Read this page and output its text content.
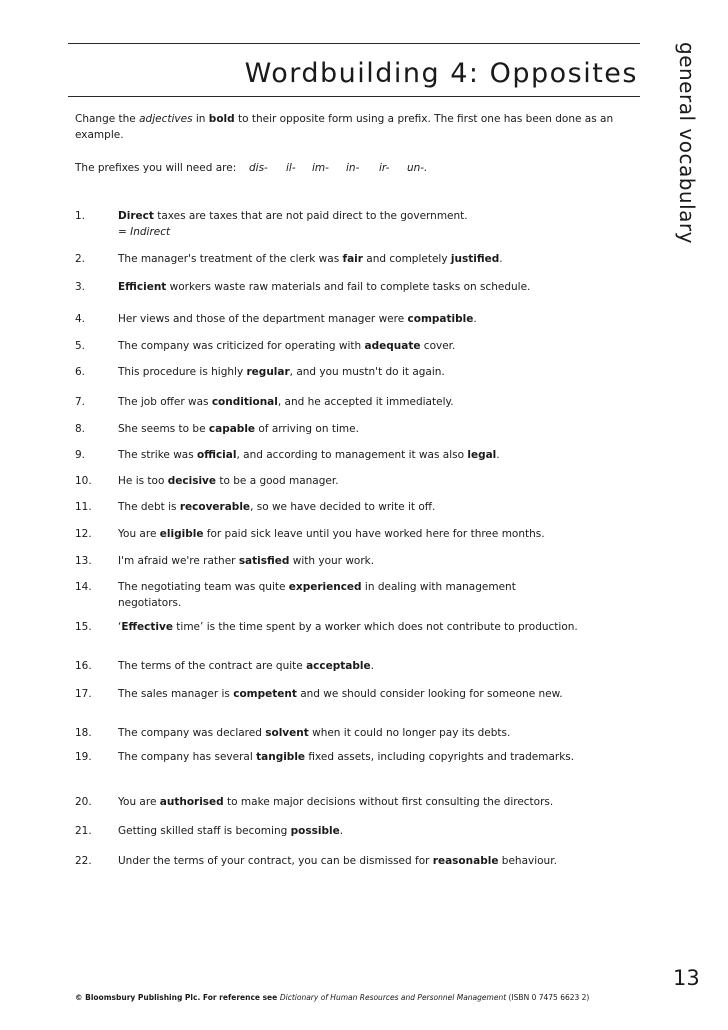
Wordbuilding 4: Opposites	general vocabulary

Change the adjectives in bold to their opposite form using a prefix. The first one has been done as an example.

The prefixes you will need are: dis- il- im- in- ir- un-.
1.	Direct taxes are taxes that are not paid direct to the government.
= Indirect
2.	The manager's treatment of the clerk was fair and completely justified.
3.	Efficient workers waste raw materials and fail to complete tasks on schedule.
4.	Her views and those of the department manager were compatible.
5.	The company was criticized for operating with adequate cover.
6.	This procedure is highly regular, and you mustn't do it again.
7.	The job offer was conditional, and he accepted it immediately.
8.	She seems to be capable of arriving on time.
9.	The strike was official, and according to management it was also legal.
10.	He is too decisive to be a good manager.
11.	The debt is recoverable, so we have decided to write it off.
12.	You are eligible for paid sick leave until you have worked here for three months.
13.	I'm afraid we're rather satisfied with your work.
14.	The negotiating team was quite experienced in dealing with management negotiators.
15.	‘Effective time’ is the time spent by a worker which does not contribute to production.
16.	The terms of the contract are quite acceptable.
17.	The sales manager is competent and we should consider looking for someone new.
18.	The company was declared solvent when it could no longer pay its debts.
19.	The company has several tangible fixed assets, including copyrights and trademarks.
20.	You are authorised to make major decisions without first consulting the directors.
21.	Getting skilled staff is becoming possible.
22.	Under the terms of your contract, you can be dismissed for reasonable behaviour.
13
© Bloomsbury Publishing Plc. For reference see Dictionary of Human Resources and Personnel Management (ISBN 0 7475 6623 2)
